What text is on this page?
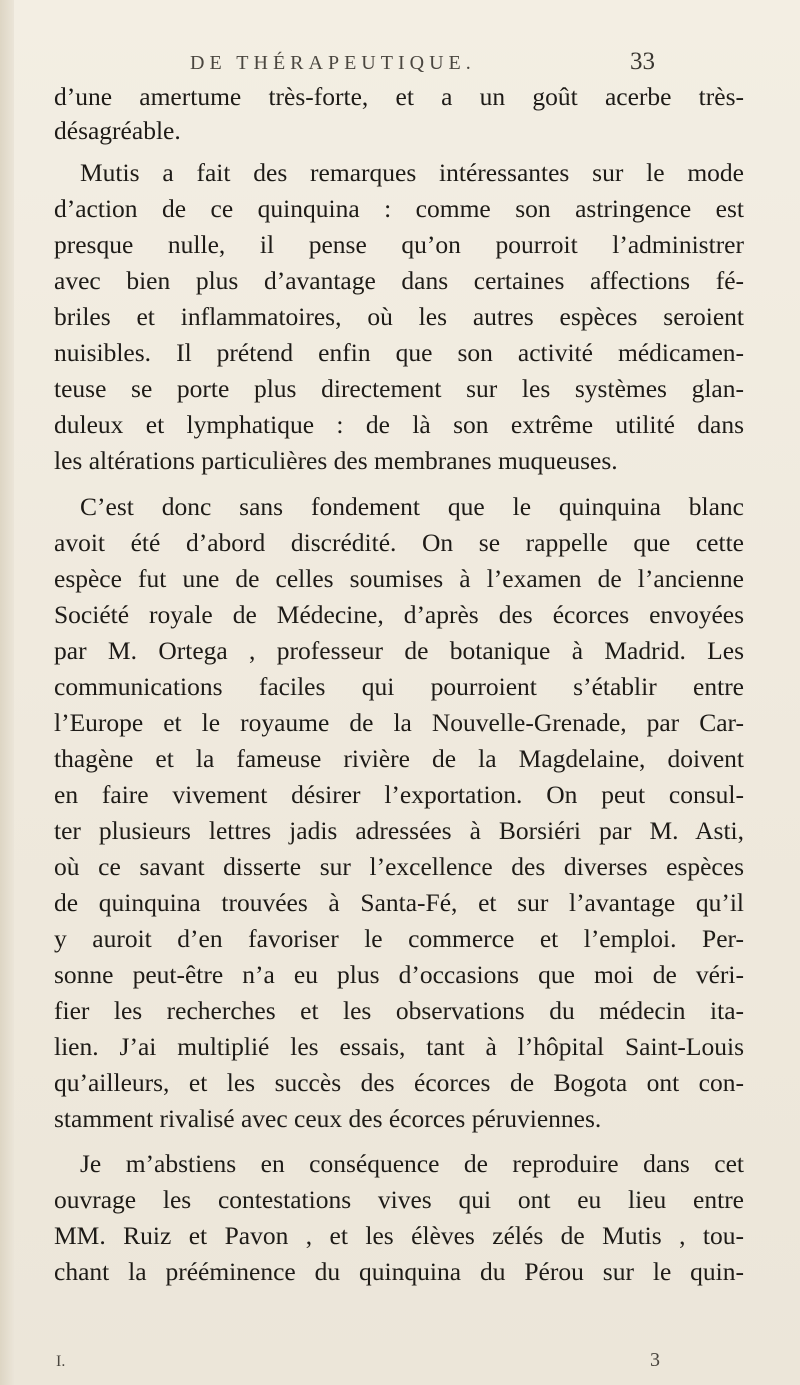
DE THÉRAPEUTIQUE.	33
d’une amertume très-forte, et a un goût acerbe très-
désagréable.
Mutis a fait des remarques intéressantes sur le mode
d’action de ce quinquina : comme son astringence est
presque nulle, il pense qu’on pourroit l’administrer
avec bien plus d’avantage dans certaines affections fé-
briles et inflammatoires, où les autres espèces seroient
nuisibles. Il prétend enfin que son activité médicamen-
teuse se porte plus directement sur les systèmes glan-
duleux et lymphatique : de là son extrême utilité dans
les altérations particulières des membranes muqueuses.
C’est donc sans fondement que le quinquina blanc
avoit été d’abord discrédité. On se rappelle que cette
espèce fut une de celles soumises à l’examen de l’ancienne
Société royale de Médecine, d’après des écorces envoyées
par M. Ortega , professeur de botanique à Madrid. Les
communications faciles qui pourroient s’établir entre
l’Europe et le royaume de la Nouvelle-Grenade, par Car-
thagène et la fameuse rivière de la Magdelaine, doivent
en faire vivement désirer l’exportation. On peut consul-
ter plusieurs lettres jadis adressées à Borsiéri par M. Asti,
où ce savant disserte sur l’excellence des diverses espèces
de quinquina trouvées à Santa-Fé, et sur l’avantage qu’il
y auroit d’en favoriser le commerce et l’emploi. Per-
sonne peut-être n’a eu plus d’occasions que moi de véri-
fier les recherches et les observations du médecin ita-
lien. J’ai multiplié les essais, tant à l’hôpital Saint-Louis
qu’ailleurs, et les succès des écorces de Bogota ont con-
stamment rivalisé avec ceux des écorces péruviennes.
Je m’abstiens en conséquence de reproduire dans cet
ouvrage les contestations vives qui ont eu lieu entre
MM. Ruiz et Pavon , et les élèves zélés de Mutis , tou-
chant la prééminence du quinquina du Pérou sur le quin-
I.	3
